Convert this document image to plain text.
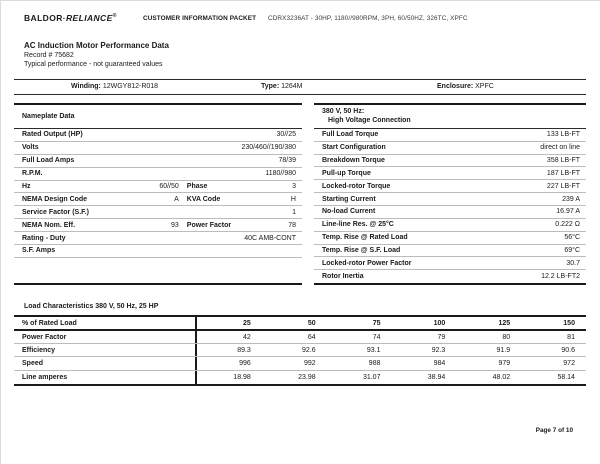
BALDOR·RELIANCE®	CUSTOMER INFORMATION PACKET CDRX3236AT - 30HP, 1180//980RPM, 3PH, 60/50HZ, 326TC, XPFC
AC Induction Motor Performance Data
Record # 75682
Typical performance - not guaranteed values
Winding: 12WGY812-R018	Type: 1264M	Enclosure: XPFC
Nameplate Data
Rated Output (HP)	30//25
Volts	230/460//190/380
Full Load Amps	78/39
R.P.M.	1180//980
Hz	60//50 Phase	3
NEMA Design Code	A KVA Code	H
Service Factor (S.F.)	1
NEMA Nom. Eff.	93 Power Factor	78
Rating - Duty	40C AMB-CONT
S.F. Amps
380 V, 50 Hz:
High Voltage Connection
Full Load Torque	133 LB-FT
Start Configuration	direct on line
Breakdown Torque	358 LB-FT
Pull-up Torque	187 LB-FT
Locked-rotor Torque	227 LB-FT
Starting Current	239 A
No-load Current	16.97 A
Line-line Res. @ 25°C	0.222 Ω
Temp. Rise @ Rated Load	56°C
Temp. Rise @ S.F. Load	69°C
Locked-rotor Power Factor	30.7
Rotor Inertia	12.2 LB-FT2
Load Characteristics 380 V, 50 Hz, 25 HP
% of Rated Load	25	50	75	100	125	150
Power Factor	42	64	74	79	80	81
Efficiency	89.3	92.6	93.1	92.3	91.9	90.6
Speed	996	992	988	984	979	972
Line amperes	18.98	23.98	31.07	38.94	48.02	58.14
Page 7 of 10
